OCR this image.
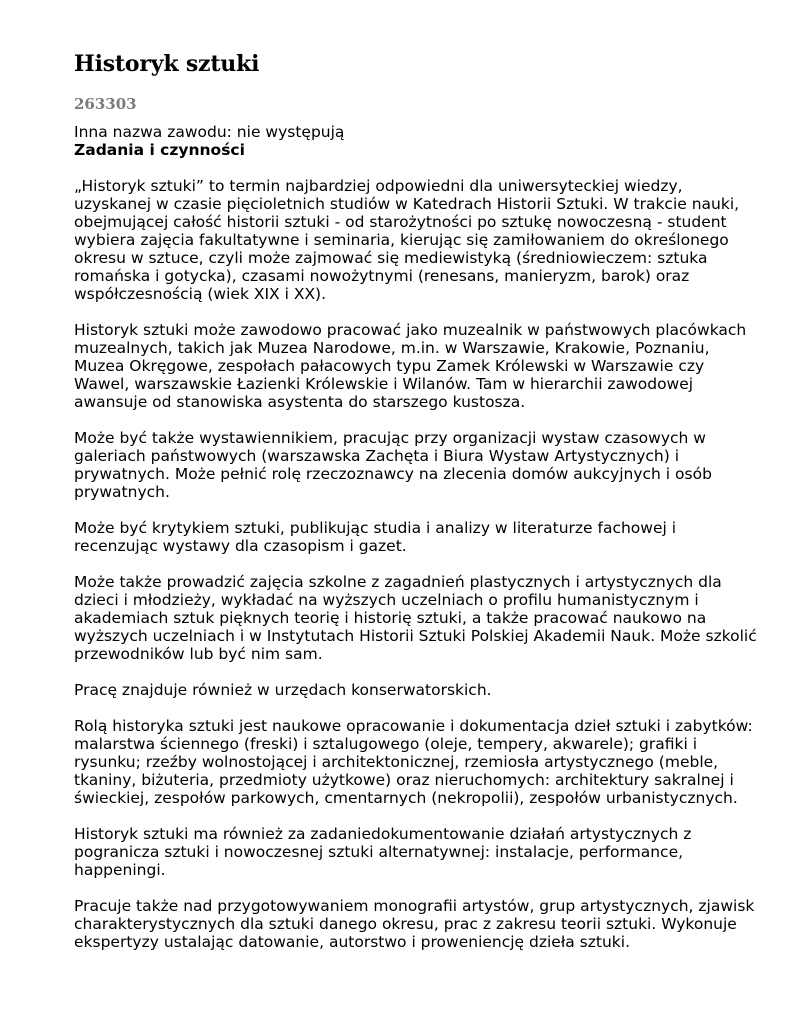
Historyk sztuki
263303
Inna nazwa zawodu: nie występują
Zadania i czynności

„Historyk sztuki” to termin najbardziej odpowiedni dla uniwersyteckiej wiedzy, uzyskanej w czasie pięcioletnich studiów w Katedrach Historii Sztuki. W trakcie nauki, obejmującej całość historii sztuki - od starożytności po sztukę nowoczesną - student wybiera zajęcia fakultatywne i seminaria, kierując się zamiłowaniem do określonego okresu w sztuce, czyli może zajmować się mediewistyką (średniowieczem: sztuka romańska i gotycka), czasami nowożytnymi (renesans, manieryzm, barok) oraz współczesnością (wiek XIX i XX).

Historyk sztuki może zawodowo pracować jako muzealnik w państwowych placówkach muzealnych, takich jak Muzea Narodowe, m.in. w Warszawie, Krakowie, Poznaniu, Muzea Okręgowe, zespołach pałacowych typu Zamek Królewski w Warszawie czy Wawel, warszawskie Łazienki Królewskie i Wilanów. Tam w hierarchii zawodowej awansuje od stanowiska asystenta do starszego kustosza.

Może być także wystawiennikiem, pracując przy organizacji wystaw czasowych w galeriach państwowych (warszawska Zachęta i Biura Wystaw Artystycznych) i prywatnych. Może pełnić rolę rzeczoznawcy na zlecenia domów aukcyjnych i osób prywatnych.

Może być krytykiem sztuki, publikując studia i analizy w literaturze fachowej i recenzując wystawy dla czasopism i gazet.

Może także prowadzić zajęcia szkolne z zagadnień plastycznych i artystycznych dla dzieci i młodzieży, wykładać na wyższych uczelniach o profilu humanistycznym i akademiach sztuk pięknych teorię i historię sztuki, a także pracować naukowo na wyższych uczelniach i w Instytutach Historii Sztuki Polskiej Akademii Nauk. Może szkolić przewodników lub być nim sam.

Pracę znajduje również w urzędach konserwatorskich.

Rolą historyka sztuki jest naukowe opracowanie i dokumentacja dzieł sztuki i zabytków: malarstwa ściennego (freski) i sztalugowego (oleje, tempery, akwarele); grafiki i rysunku; rzeźby wolnostojącej i architektonicznej, rzemiosła artystycznego (meble, tkaniny, biżuteria, przedmioty użytkowe) oraz nieruchomych: architektury sakralnej i świeckiej, zespołów parkowych, cmentarnych (nekropolii), zespołów urbanistycznych.

Historyk sztuki ma również za zadaniedokumentowanie działań artystycznych z pogranicza sztuki i nowoczesnej sztuki alternatywnej: instalacje, performance, happeningi.

Pracuje także nad przygotowywaniem monografii artystów, grup artystycznych, zjawisk charakterystycznych dla sztuki danego okresu, prac z zakresu teorii sztuki. Wykonuje ekspertyzy ustalając datowanie, autorstwo i proweniencję dzieła sztuki.
